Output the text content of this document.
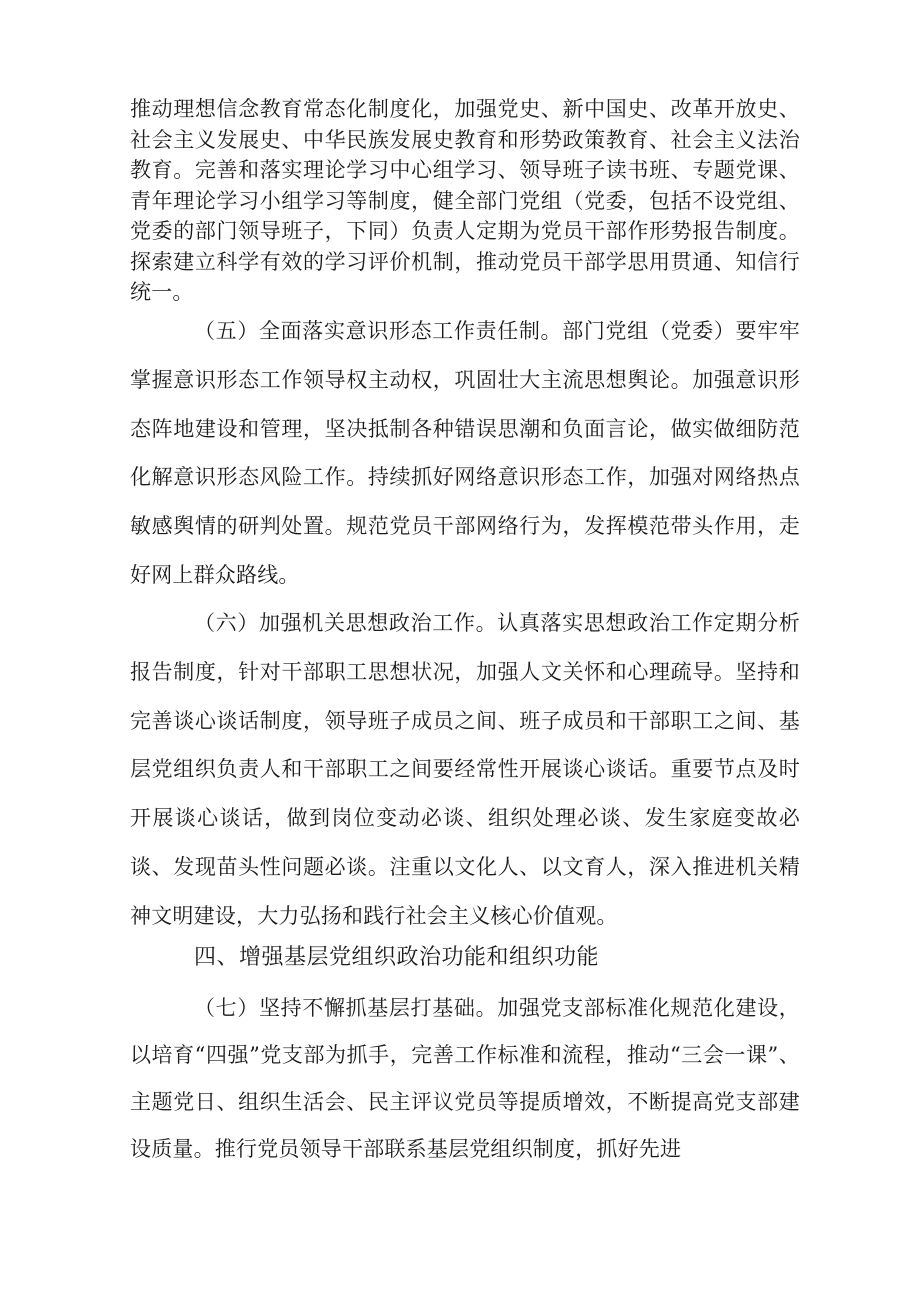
推动理想信念教育常态化制度化，加强党史、新中国史、改革开放史、社会主义发展史、中华民族发展史教育和形势政策教育、社会主义法治教育。完善和落实理论学习中心组学习、领导班子读书班、专题党课、青年理论学习小组学习等制度，健全部门党组（党委，包括不设党组、党委的部门领导班子，下同）负责人定期为党员干部作形势报告制度。探索建立科学有效的学习评价机制，推动党员干部学思用贯通、知信行统一。

（五）全面落实意识形态工作责任制。部门党组（党委）要牢牢掌握意识形态工作领导权主动权，巩固壮大主流思想舆论。加强意识形态阵地建设和管理，坚决抵制各种错误思潮和负面言论，做实做细防范化解意识形态风险工作。持续抓好网络意识形态工作，加强对网络热点敏感舆情的研判处置。规范党员干部网络行为，发挥模范带头作用，走好网上群众路线。

（六）加强机关思想政治工作。认真落实思想政治工作定期分析报告制度，针对干部职工思想状况，加强人文关怀和心理疏导。坚持和完善谈心谈话制度，领导班子成员之间、班子成员和干部职工之间、基层党组织负责人和干部职工之间要经常性开展谈心谈话。重要节点及时开展谈心谈话，做到岗位变动必谈、组织处理必谈、发生家庭变故必谈、发现苗头性问题必谈。注重以文化人、以文育人，深入推进机关精神文明建设，大力弘扬和践行社会主义核心价值观。

四、增强基层党组织政治功能和组织功能

（七）坚持不懈抓基层打基础。加强党支部标准化规范化建设，以培育“四强”党支部为抓手，完善工作标准和流程，推动“三会一课”、主题党日、组织生活会、民主评议党员等提质增效，不断提高党支部建设质量。推行党员领导干部联系基层党组织制度，抓好先进
